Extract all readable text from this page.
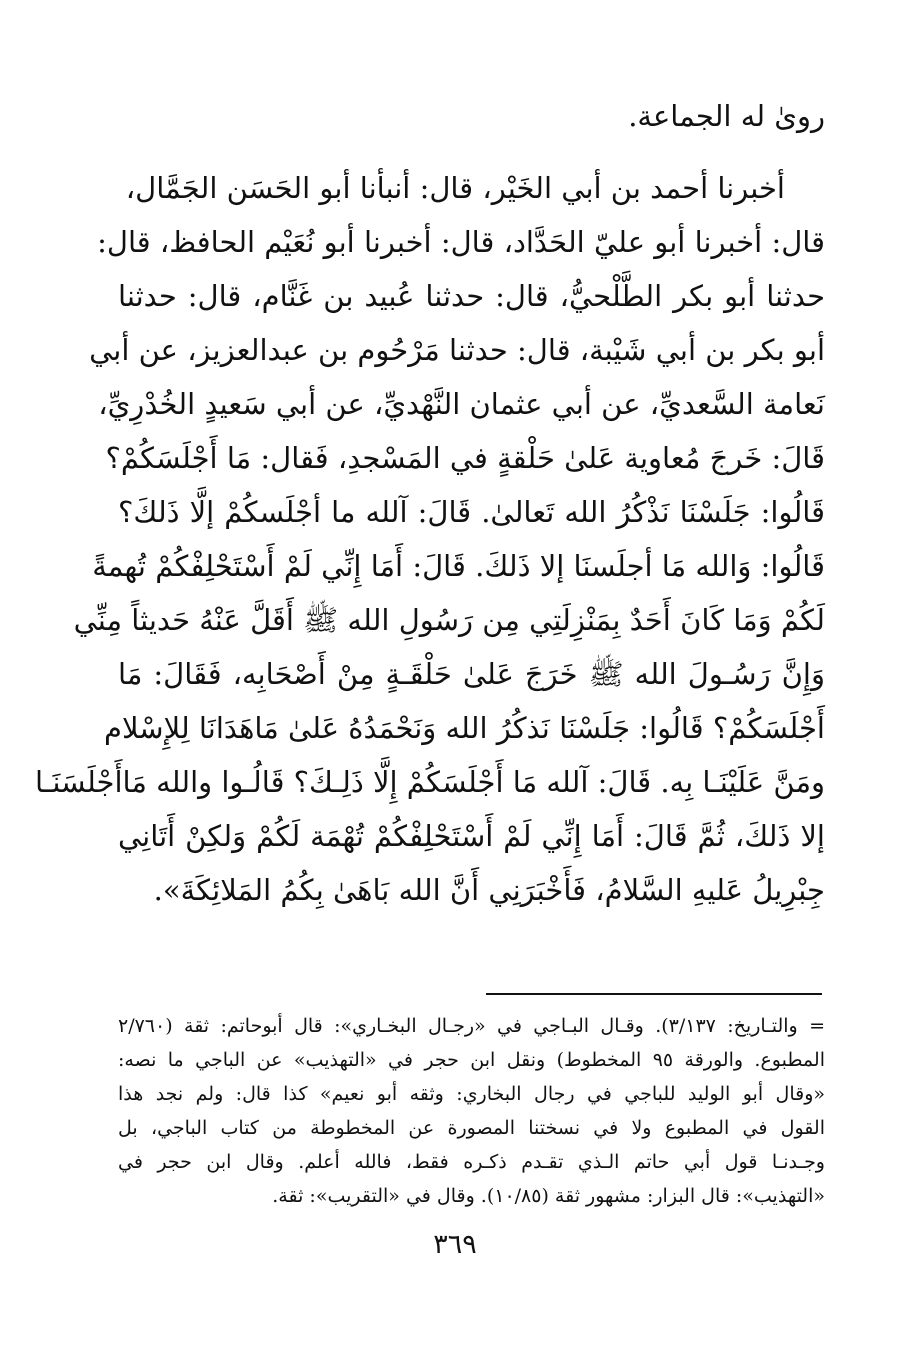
رویٰ له الجماعة.
أخبرنا أحمد بن أبي الخَيْر، قال: أنبأنا أبو الحَسَن الجَمَّال،
قال: أخبرنا أبو عليّ الحَدَّاد، قال: أخبرنا أبو نُعَيْم الحافظ، قال:
حدثنا أبو بكر الطَّلْحيُّ، قال: حدثنا عُبيد بن غَنَّام، قال: حدثنا
أبو بكر بن أبي شَيْبة، قال: حدثنا مَرْحُوم بن عبدالعزيز، عن أبي
نَعامة السَّعديِّ، عن أبي عثمان النَّهْديِّ، عن أبي سَعيدٍ الخُدْرِيِّ،
قَالَ: خَرجَ مُعاوية عَلىٰ حَلْقةٍ في المَسْجدِ، فَقال: مَا أَجْلَسَكُمْ؟
قَالُوا: جَلَسْنَا نَذْكُرُ الله تَعالىٰ. قَالَ: آلله ما أجْلَسكُمْ إلَّا ذَلكَ؟
قَالُوا: وَالله مَا أجلَسنَا إلا ذَلكَ. قَالَ: أَمَا إِنِّي لَمْ أَسْتَحْلِفْكُمْ تُهمةً
لَكُمْ وَمَا كَانَ أَحَدٌ بِمَنْزِلَتِي مِن رَسُولِ الله ﷺ أَقَلَّ عَنْهُ حَديثاً مِنِّي
وَإِنَّ رَسُـولَ الله ﷺ خَرَجَ عَلىٰ حَلْقَـةٍ مِنْ أَصْحَابِه، فَقَالَ: مَا
أَجْلَسَكُمْ؟ قَالُوا: جَلَسْنَا نَذكُرُ الله وَنَحْمَدُهُ عَلىٰ مَاهَدَانَا لِلإِسْلام
ومَنَّ عَلَيْنَـا بِه. قَالَ: آلله مَا أَجْلَسَكُمْ إِلَّا ذَلِـكَ؟ قَالُـوا والله مَاأَجْلَسَنَـا
إلا ذَلكَ، ثُمَّ قَالَ: أَمَا إِنِّي لَمْ أَسْتَحْلِفْكُمْ تُهْمَة لَكُمْ وَلكِنْ أَتَانِي
جِبْرِيلُ عَليهِ السَّلامُ، فَأَخْبَرَنِي أَنَّ الله بَاهَىٰ بِكُمُ المَلائِكَةَ».
= والتـاريخ: ٣/١٣٧). وقـال البـاجي في «رجـال البخـاري»: قال أبوحاتم: ثقة (٢/٧٦٠
المطبوع. والورقة ٩٥ المخطوط) ونقل ابن حجر في «التهذيب» عن الباجي ما نصه:
«وقال أبو الوليد للباجي في رجال البخاري: وثقه أبو نعيم» كذا قال: ولم نجد هذا
القول في المطبوع ولا في نسختنا المصورة عن المخطوطة من كتاب الباجي، بل
وجـدنـا قول أبي حاتم الـذي تقـدم ذكـره فقط، فالله أعلم. وقال ابن حجر في
«التهذيب»: قال البزار: مشهور ثقة (١٠/٨٥). وقال في «التقريب»: ثقة.
٣٦٩
